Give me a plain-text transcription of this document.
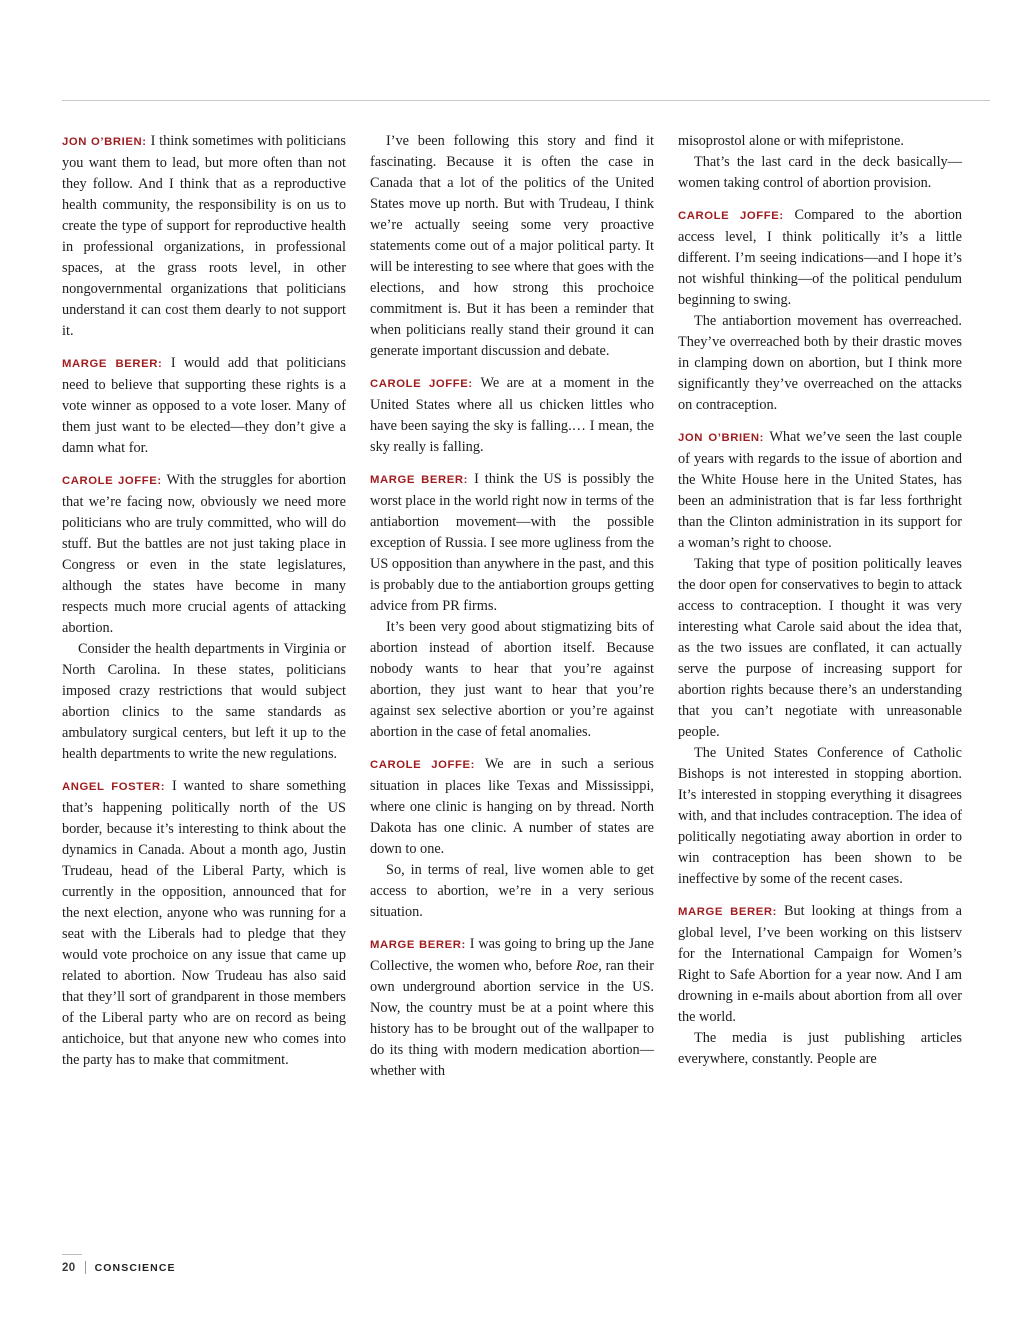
JON O’BRIEN: I think sometimes with politicians you want them to lead, but more often than not they follow. And I think that as a reproductive health community, the responsibility is on us to create the type of support for reproductive health in professional organizations, in professional spaces, at the grass roots level, in other nongovernmental organizations that politicians understand it can cost them dearly to not support it.

MARGE BERER: I would add that politicians need to believe that supporting these rights is a vote winner as opposed to a vote loser. Many of them just want to be elected—they don’t give a damn what for.

CAROLE JOFFE: With the struggles for abortion that we’re facing now, obviously we need more politicians who are truly committed, who will do stuff. But the battles are not just taking place in Congress or even in the state legislatures, although the states have become in many respects much more crucial agents of attacking abortion.

Consider the health departments in Virginia or North Carolina. In these states, politicians imposed crazy restrictions that would subject abortion clinics to the same standards as ambulatory surgical centers, but left it up to the health departments to write the new regulations.

ANGEL FOSTER: I wanted to share something that’s happening politically north of the US border, because it’s interesting to think about the dynamics in Canada. About a month ago, Justin Trudeau, head of the Liberal Party, which is currently in the opposition, announced that for the next election, anyone who was running for a seat with the Liberals had to pledge that they would vote prochoice on any issue that came up related to abortion. Now Trudeau has also said that they’ll sort of grandparent in those members of the Liberal party who are on record as being antichoice, but that anyone new who comes into the party has to make that commitment.

I’ve been following this story and find it fascinating. Because it is often the case in Canada that a lot of the politics of the United States move up north. But with Trudeau, I think we’re actually seeing some very proactive statements come out of a major political party. It will be interesting to see where that goes with the elections, and how strong this prochoice commitment is. But it has been a reminder that when politicians really stand their ground it can generate important discussion and debate.

CAROLE JOFFE: We are at a moment in the United States where all us chicken littles who have been saying the sky is falling.… I mean, the sky really is falling.

MARGE BERER: I think the US is possibly the worst place in the world right now in terms of the antiabortion movement—with the possible exception of Russia. I see more ugliness from the US opposition than anywhere in the past, and this is probably due to the antiabortion groups getting advice from PR firms.

It’s been very good about stigmatizing bits of abortion instead of abortion itself. Because nobody wants to hear that you’re against abortion, they just want to hear that you’re against sex selective abortion or you’re against abortion in the case of fetal anomalies.

CAROLE JOFFE: We are in such a serious situation in places like Texas and Mississippi, where one clinic is hanging on by thread. North Dakota has one clinic. A number of states are down to one.

So, in terms of real, live women able to get access to abortion, we’re in a very serious situation.

MARGE BERER: I was going to bring up the Jane Collective, the women who, before Roe, ran their own underground abortion service in the US. Now, the country must be at a point where this history has to be brought out of the wallpaper to do its thing with modern medication abortion—whether with

misoprostol alone or with mifepristone.

That’s the last card in the deck basically—women taking control of abortion provision.

CAROLE JOFFE: Compared to the abortion access level, I think politically it’s a little different. I’m seeing indications—and I hope it’s not wishful thinking—of the political pendulum beginning to swing.

The antiabortion movement has overreached. They’ve overreached both by their drastic moves in clamping down on abortion, but I think more significantly they’ve overreached on the attacks on contraception.

JON O’BRIEN: What we’ve seen the last couple of years with regards to the issue of abortion and the White House here in the United States, has been an administration that is far less forthright than the Clinton administration in its support for a woman’s right to choose.

Taking that type of position politically leaves the door open for conservatives to begin to attack access to contraception. I thought it was very interesting what Carole said about the idea that, as the two issues are conflated, it can actually serve the purpose of increasing support for abortion rights because there’s an understanding that you can’t negotiate with unreasonable people.

The United States Conference of Catholic Bishops is not interested in stopping abortion. It’s interested in stopping everything it disagrees with, and that includes contraception. The idea of politically negotiating away abortion in order to win contraception has been shown to be ineffective by some of the recent cases.

MARGE BERER: But looking at things from a global level, I’ve been working on this listserv for the International Campaign for Women’s Right to Safe Abortion for a year now. And I am drowning in e-mails about abortion from all over the world.

The media is just publishing articles everywhere, constantly. People are

20 CONSCIENCE
